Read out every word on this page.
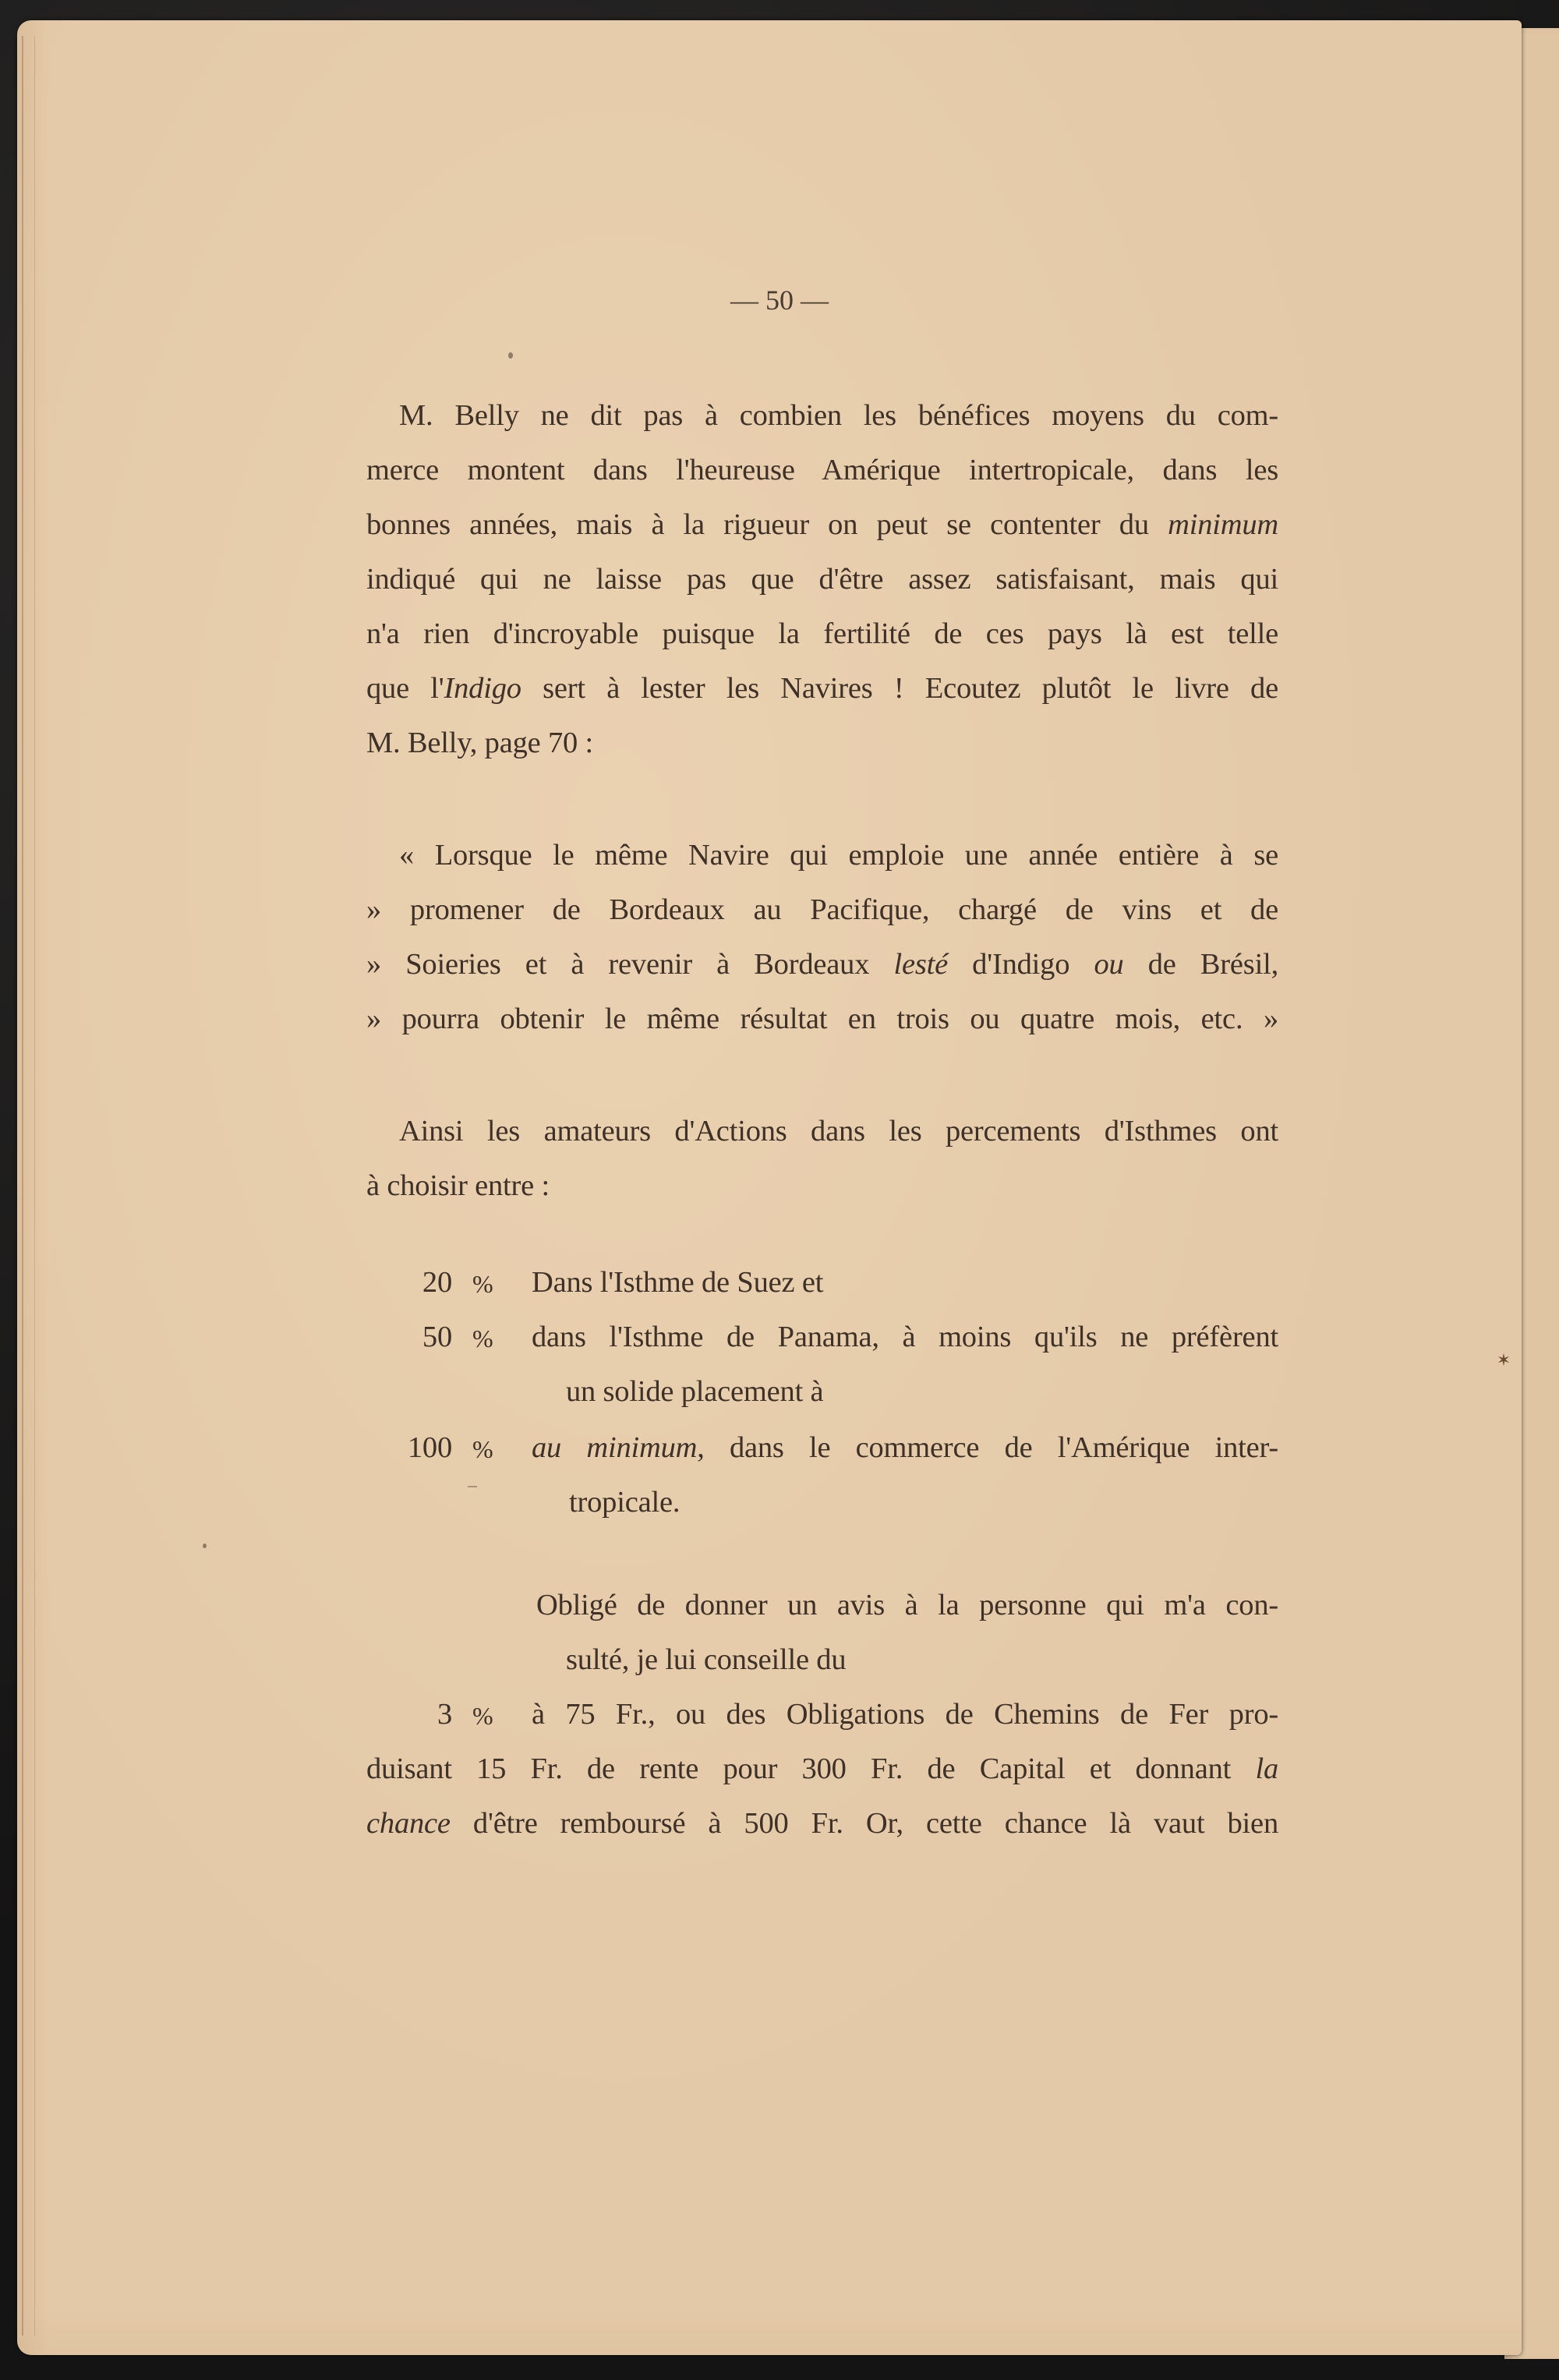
✶
— 50 —
M. Belly ne dit pas à combien les bénéfices moyens du com-
merce montent dans l'heureuse Amérique intertropicale, dans les
bonnes années, mais à la rigueur on peut se contenter du minimum
indiqué qui ne laisse pas que d'être assez satisfaisant, mais qui
n'a rien d'incroyable puisque la fertilité de ces pays là est telle
que l'Indigo sert à lester les Navires ! Ecoutez plutôt le livre de
M. Belly, page 70 :
« Lorsque le même Navire qui emploie une année entière à se
» promener de Bordeaux au Pacifique, chargé de vins et de
» Soieries et à revenir à Bordeaux lesté d'Indigo ou de Brésil,
» pourra obtenir le même résultat en trois ou quatre mois, etc. »
Ainsi les amateurs d'Actions dans les percements d'Isthmes ont
à choisir entre :
20 % Dans l'Isthme de Suez et
50 % dans l'Isthme de Panama, à moins qu'ils ne préfèrent
un solide placement à
100 % au minimum, dans le commerce de l'Amérique inter-
tropicale.
Obligé de donner un avis à la personne qui m'a con-
sulté, je lui conseille du
3 % à 75 Fr., ou des Obligations de Chemins de Fer pro-
duisant 15 Fr. de rente pour 300 Fr. de Capital et donnant la
chance d'être remboursé à 500 Fr. Or, cette chance là vaut bien
